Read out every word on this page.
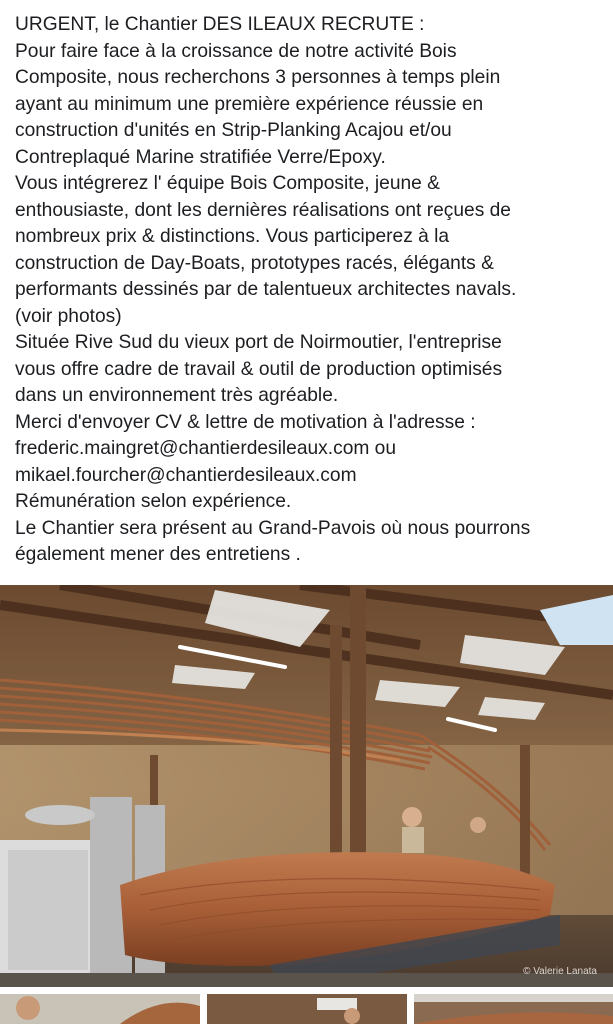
URGENT, le Chantier DES ILEAUX RECRUTE :
Pour faire face à la croissance de notre activité Bois
Composite, nous recherchons 3 personnes à temps plein
ayant au minimum une première expérience réussie en
construction d'unités en Strip-Planking Acajou et/ou
Contreplaqué Marine stratifiée Verre/Epoxy.
Vous intégrerez l' équipe Bois Composite, jeune &
enthousiaste, dont les dernières réalisations ont reçues de
nombreux prix & distinctions. Vous participerez à la
construction de Day-Boats, prototypes racés, élégants &
performants dessinés par de talentueux architectes navals.
(voir photos)
Située Rive Sud du vieux port de Noirmoutier, l'entreprise
vous offre cadre de travail & outil de production optimisés
dans un environnement très agréable.
Merci d'envoyer CV & lettre de motivation à l'adresse :
frederic.maingret@chantierdesileaux.com ou
mikael.fourcher@chantierdesileaux.com
Rémunération selon expérience.
Le Chantier sera présent au Grand-Pavois où nous pourrons
également mener des entretiens .
© Valerie Lanata
